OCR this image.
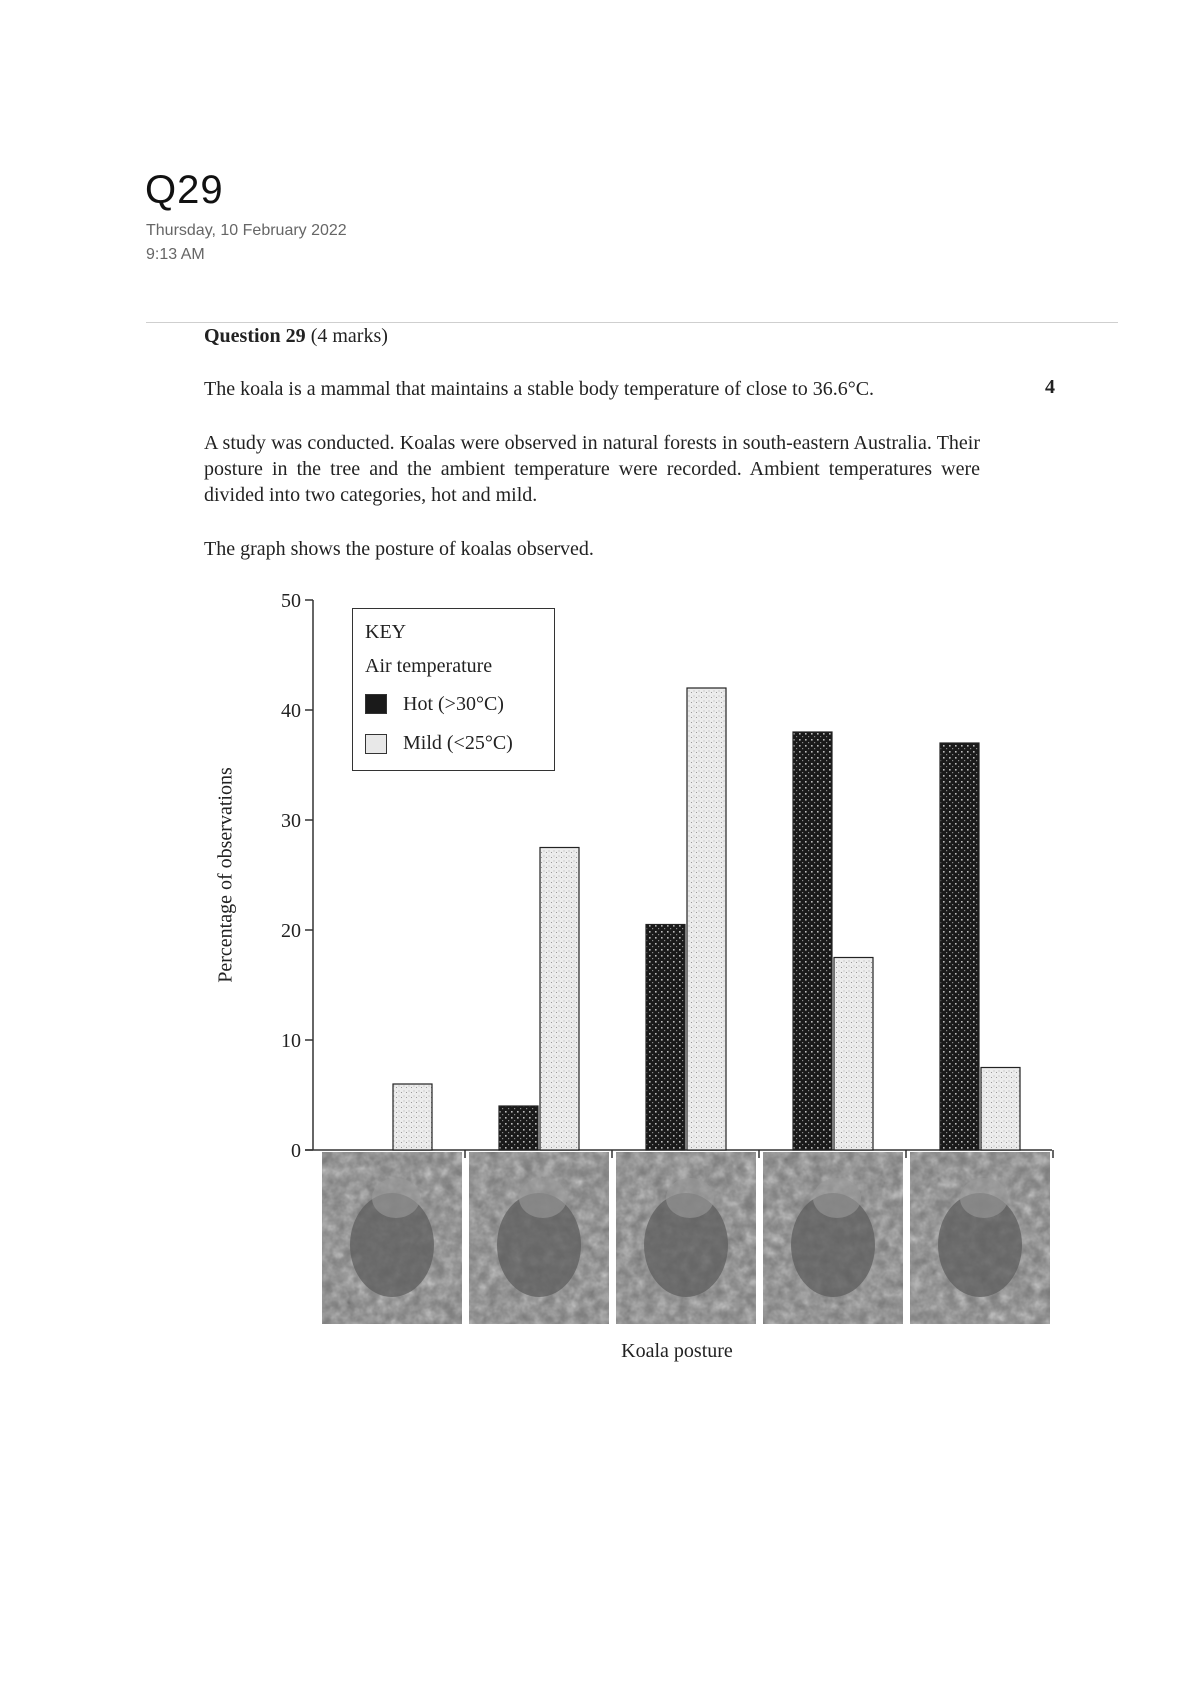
Q29
Thursday, 10 February 2022
9:13 AM
Question 29 (4 marks)
The koala is a mammal that maintains a stable body temperature of close to 36.6°C.	4
A study was conducted. Koalas were observed in natural forests in south-eastern Australia. Their posture in the tree and the ambient temperature were recorded. Ambient temperatures were divided into two categories, hot and mild.
The graph shows the posture of koalas observed.
0
10
20
30
40
50
Percentage of observations
Koala posture
KEY
Air temperature
Hot (>30°C)
Mild (<25°C)
